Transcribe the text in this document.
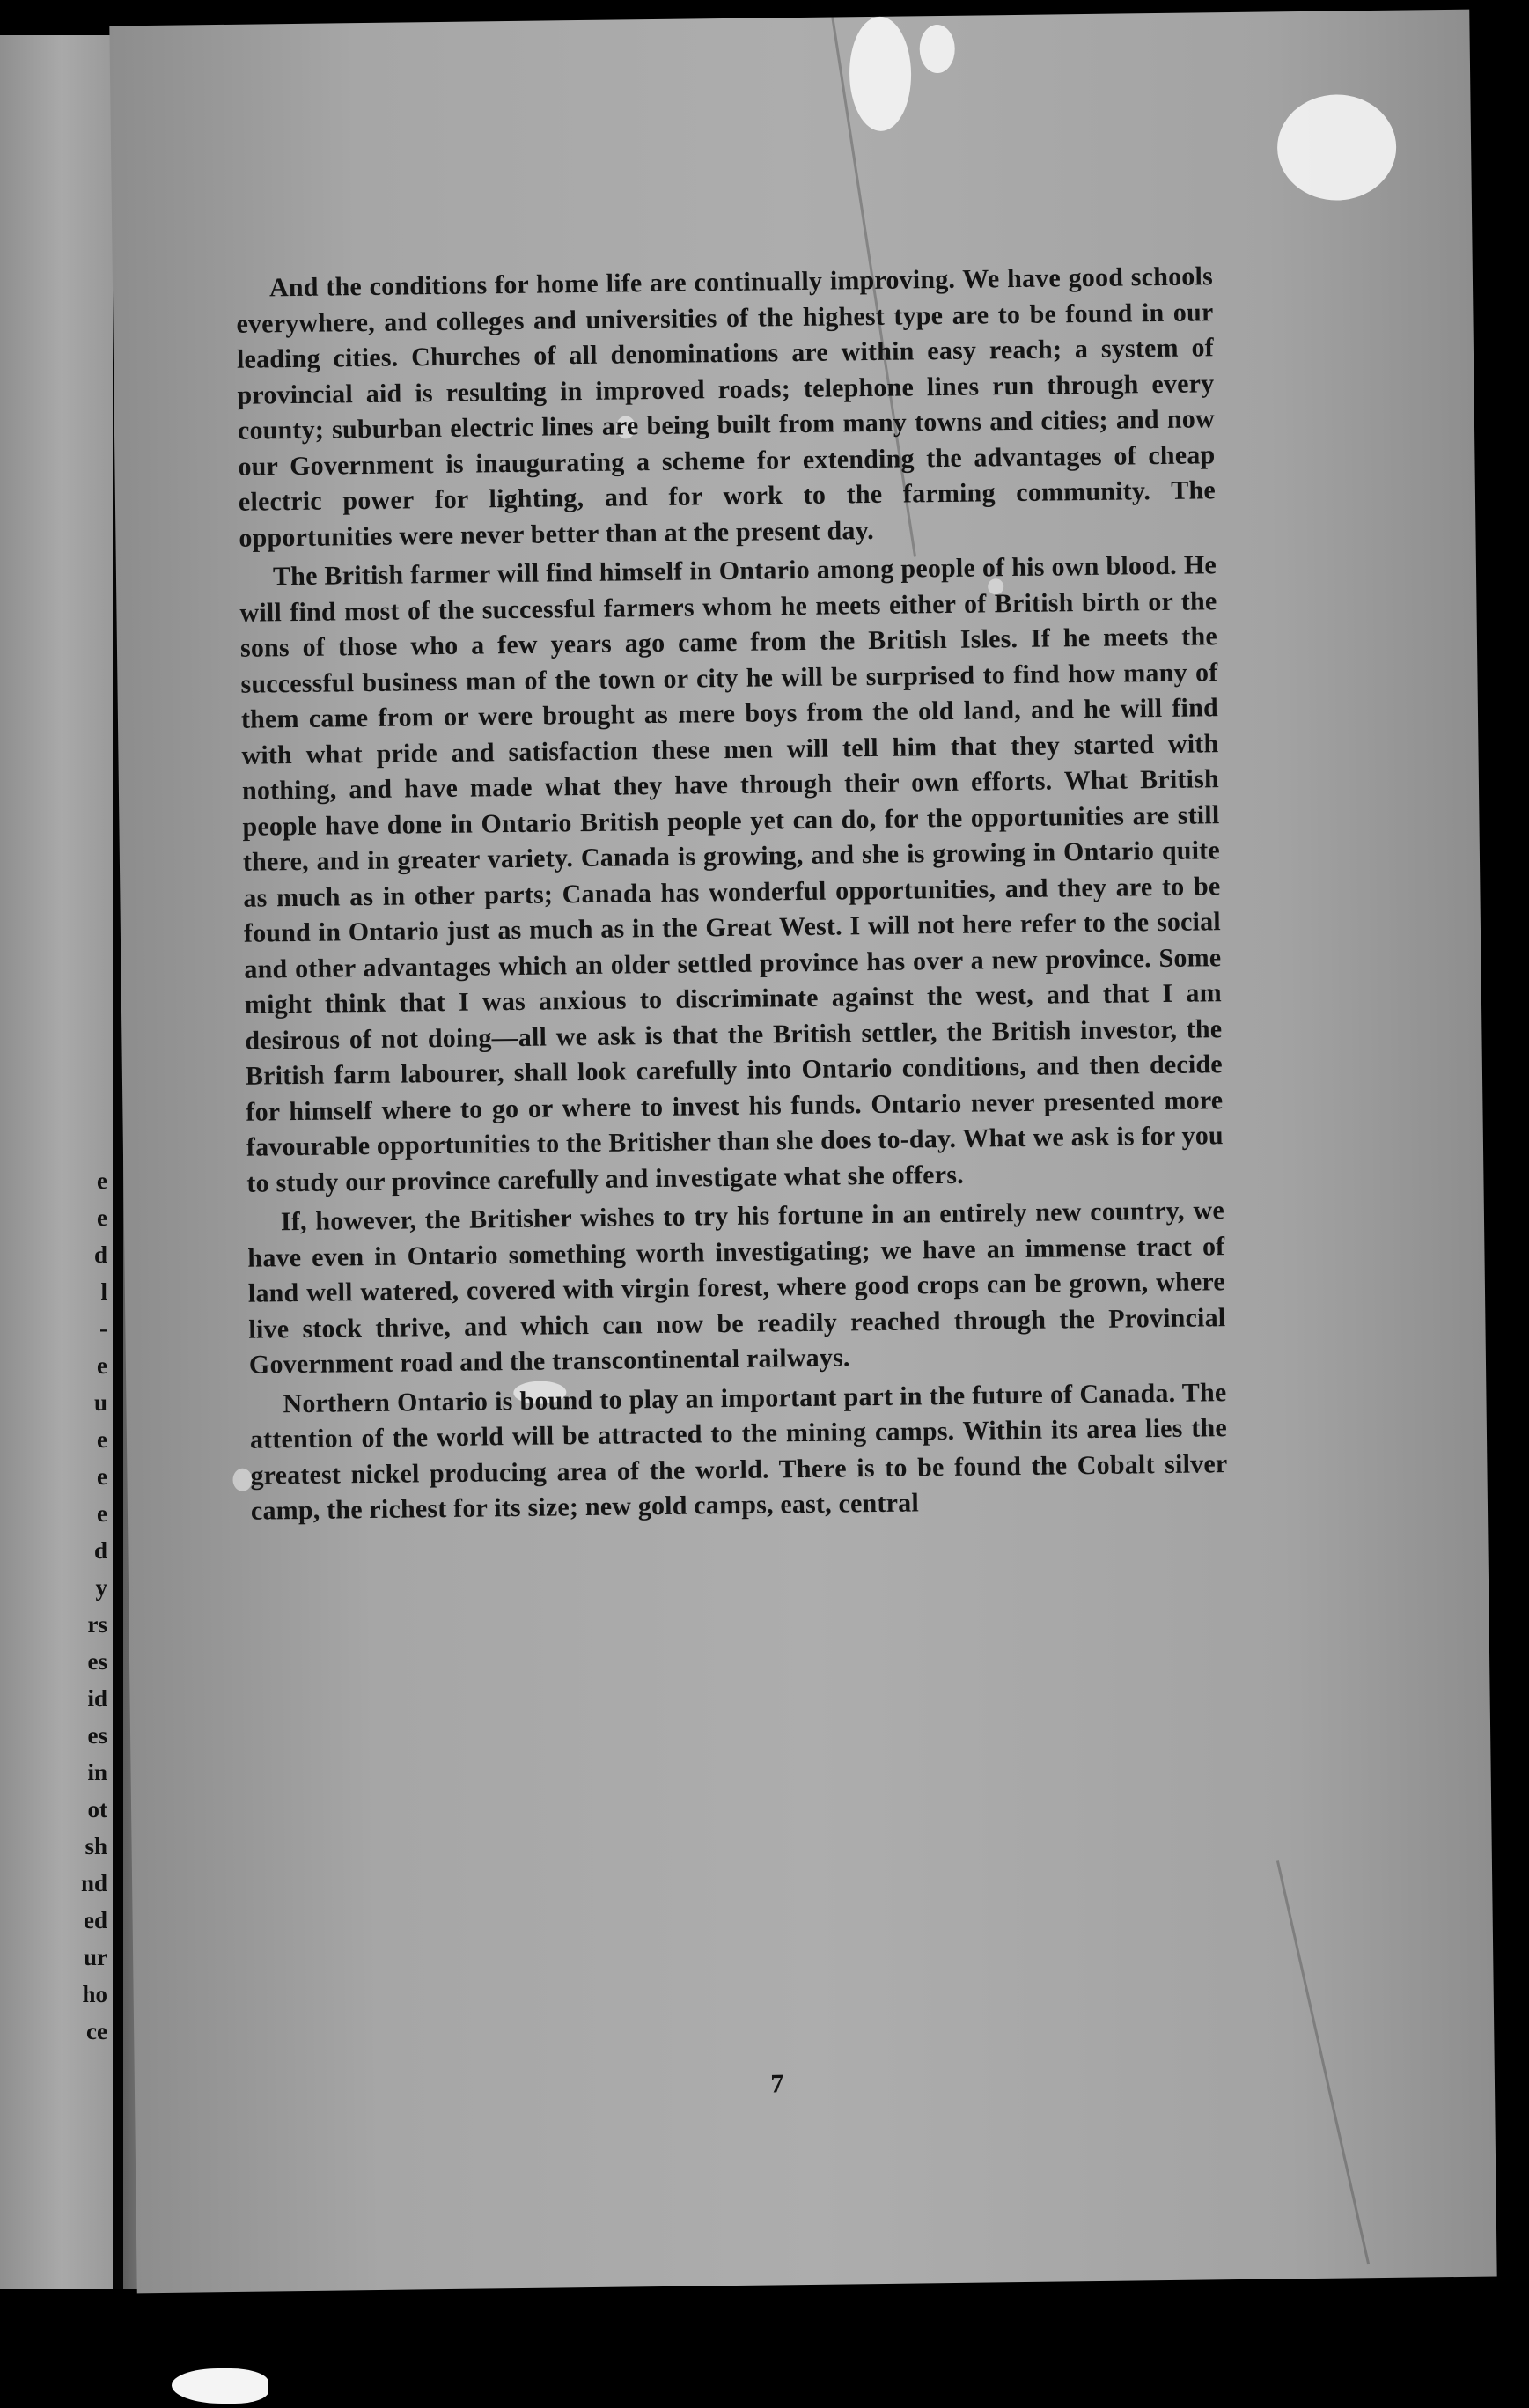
e
e
d
l
-
e
u
e
e
e
d
y
rs
es
id
es
in
ot
sh
nd
ed
ur
ho
ce

And the conditions for home life are continually improving. We have good schools everywhere, and colleges and universities of the highest type are to be found in our leading cities. Churches of all denominations are within easy reach; a system of provincial aid is resulting in improved roads; telephone lines run through every county; suburban electric lines are being built from many towns and cities; and now our Government is inaugurating a scheme for extending the advantages of cheap electric power for lighting, and for work to the farming community. The opportunities were never better than at the present day.

The British farmer will find himself in Ontario among people of his own blood. He will find most of the successful farmers whom he meets either of British birth or the sons of those who a few years ago came from the British Isles. If he meets the successful business man of the town or city he will be surprised to find how many of them came from or were brought as mere boys from the old land, and he will find with what pride and satisfaction these men will tell him that they started with nothing, and have made what they have through their own efforts. What British people have done in Ontario British people yet can do, for the opportunities are still there, and in greater variety. Canada is growing, and she is growing in Ontario quite as much as in other parts; Canada has wonderful opportunities, and they are to be found in Ontario just as much as in the Great West. I will not here refer to the social and other advantages which an older settled province has over a new province. Some might think that I was anxious to discriminate against the west, and that I am desirous of not doing—all we ask is that the British settler, the British investor, the British farm labourer, shall look carefully into Ontario conditions, and then decide for himself where to go or where to invest his funds. Ontario never presented more favourable opportunities to the Britisher than she does to-day. What we ask is for you to study our province carefully and investigate what she offers.

If, however, the Britisher wishes to try his fortune in an entirely new country, we have even in Ontario something worth investigating; we have an immense tract of land well watered, covered with virgin forest, where good crops can be grown, where live stock thrive, and which can now be readily reached through the Provincial Government road and the transcontinental railways.

Northern Ontario is bound to play an important part in the future of Canada. The attention of the world will be attracted to the mining camps. Within its area lies the greatest nickel producing area of the world. There is to be found the Cobalt silver camp, the richest for its size; new gold camps, east, central

7
